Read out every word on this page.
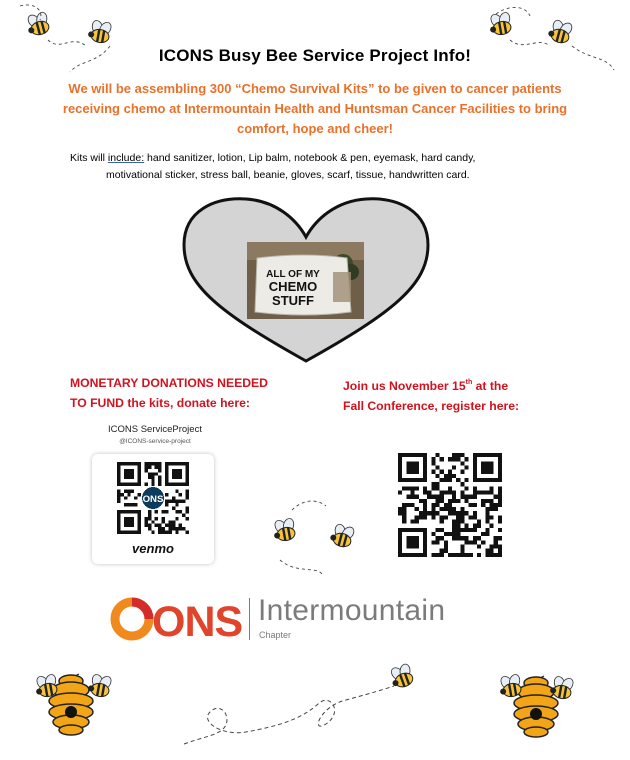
ICONS Busy Bee Service Project Info!
We will be assembling 300 “Chemo Survival Kits” to be given to cancer patients receiving chemo at Intermountain Health and Huntsman Cancer Facilities to bring comfort, hope and cheer!
Kits will include: hand sanitizer, lotion, Lip balm, notebook & pen, eyemask, hard candy,
motivational sticker, stress ball, beanie, gloves, scarf, tissue, handwritten card.
ALL OF MY
CHEMO
STUFF
MONETARY DONATIONS NEEDED
TO FUND the kits, donate here:
Join us November 15th at the
Fall Conference, register here:
ICONS ServiceProject
@ICONS-service-project
ONS
venmo
ONS Intermountain
Chapter
